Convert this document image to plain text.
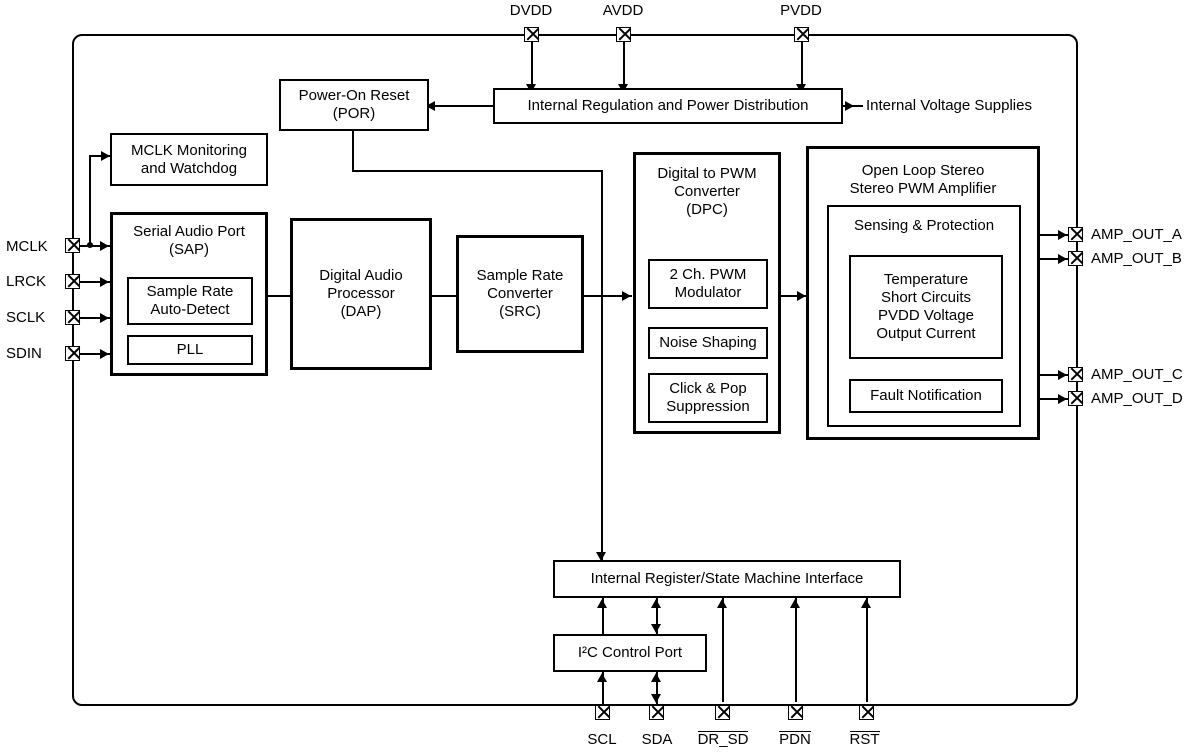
DVDD	AVDD	PVDD
Internal Regulation and Power Distribution	Internal Voltage Supplies
Power-On Reset
(POR)
MCLK Monitoring
and Watchdog
MCLK
LRCK
SCLK
SDIN
Serial Audio Port
(SAP)
Sample Rate
Auto-Detect
PLL
Digital Audio
Processor
(DAP)
Sample Rate
Converter
(SRC)
Digital to PWM
Converter
(DPC)
2 Ch. PWM
Modulator
Noise Shaping
Click & Pop
Suppression
Open Loop Stereo
Stereo PWM Amplifier
Sensing & Protection
Temperature
Short Circuits
PVDD Voltage
Output Current
Fault Notification
AMP_OUT_A
AMP_OUT_B
AMP_OUT_C
AMP_OUT_D
Internal Register/State Machine Interface
I²C Control Port
SCL	SDA	DR_SD	PDN	RST
